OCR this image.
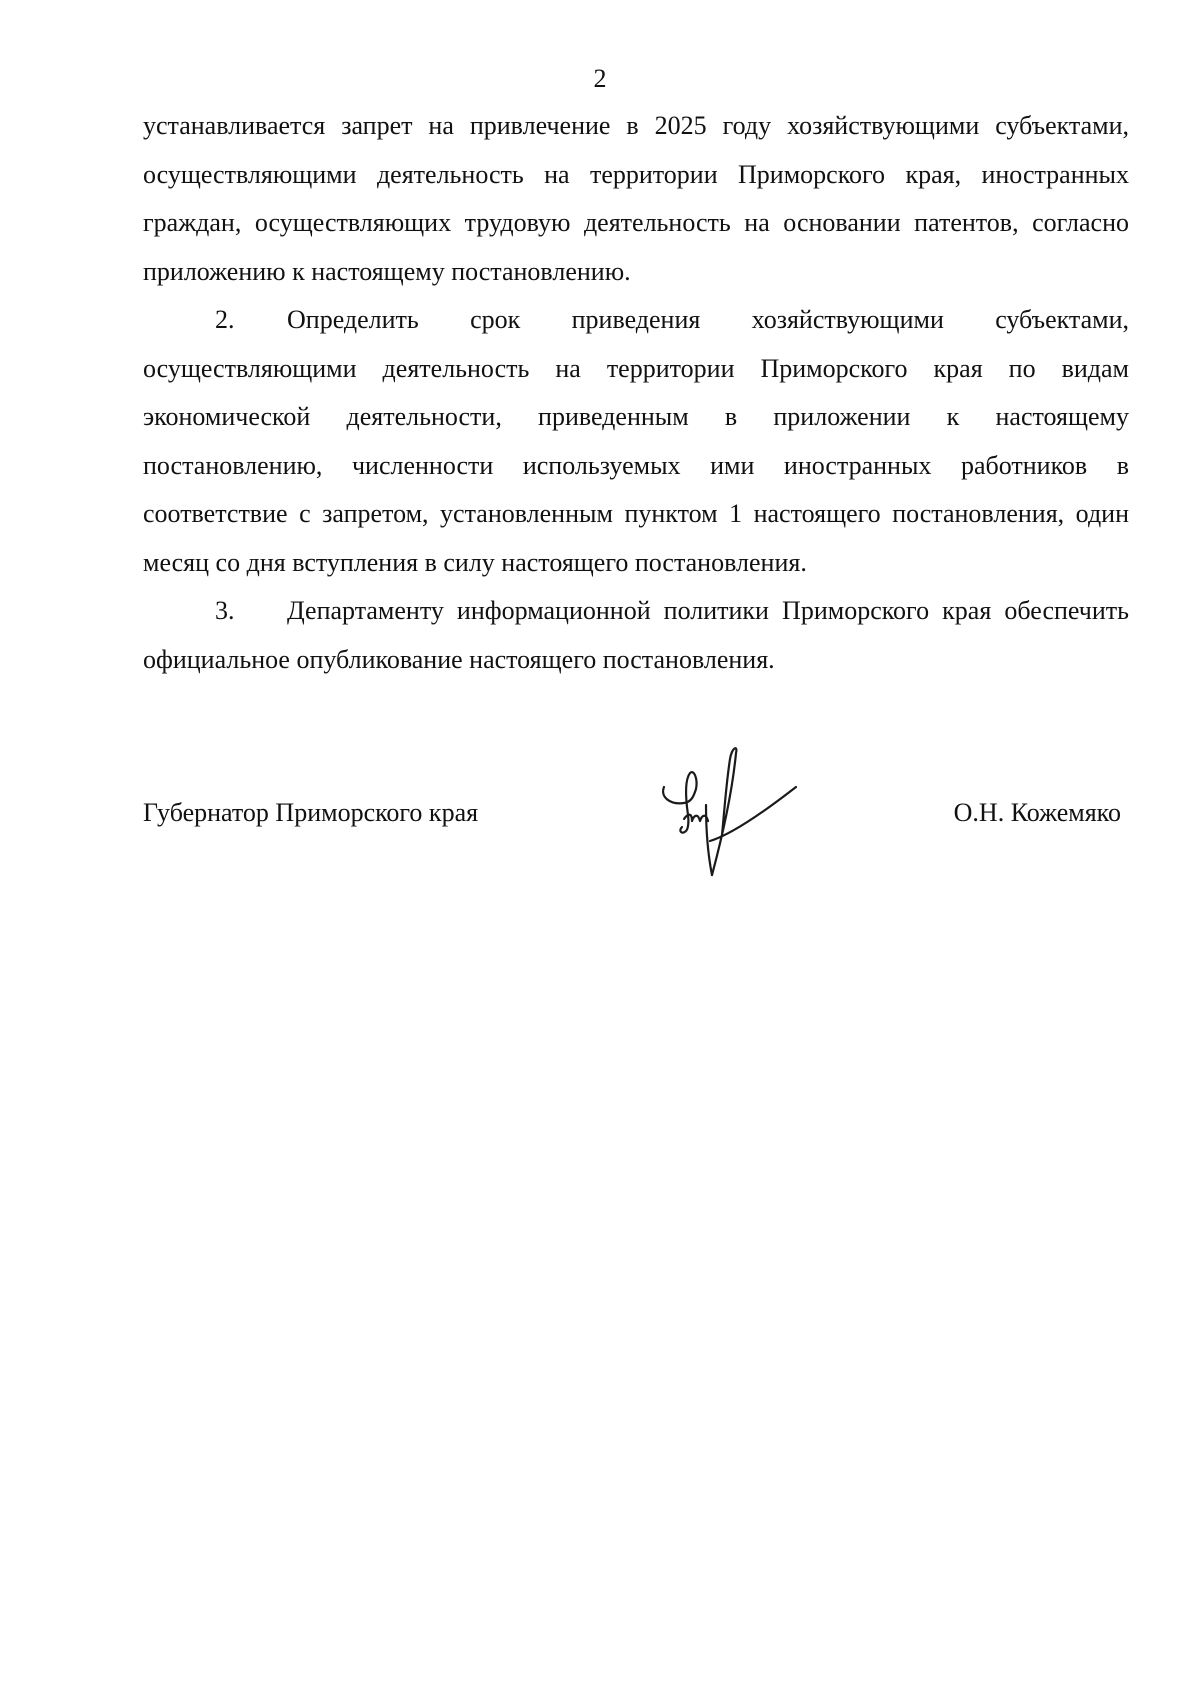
2

устанавливается запрет на привлечение в 2025 году хозяйствующими субъектами, осуществляющими деятельность на территории Приморского края, иностранных граждан, осуществляющих трудовую деятельность на основании патентов, согласно приложению к настоящему постановлению.

2. Определить срок приведения хозяйствующими субъектами, осуществляющими деятельность на территории Приморского края по видам экономической деятельности, приведенным в приложении к настоящему постановлению, численности используемых ими иностранных работников в соответствие с запретом, установленным пунктом 1 настоящего постановления, один месяц со дня вступления в силу настоящего постановления.

3. Департаменту информационной политики Приморского края обеспечить официальное опубликование настоящего постановления.

Губернатор Приморского края	О.Н. Кожемяко
